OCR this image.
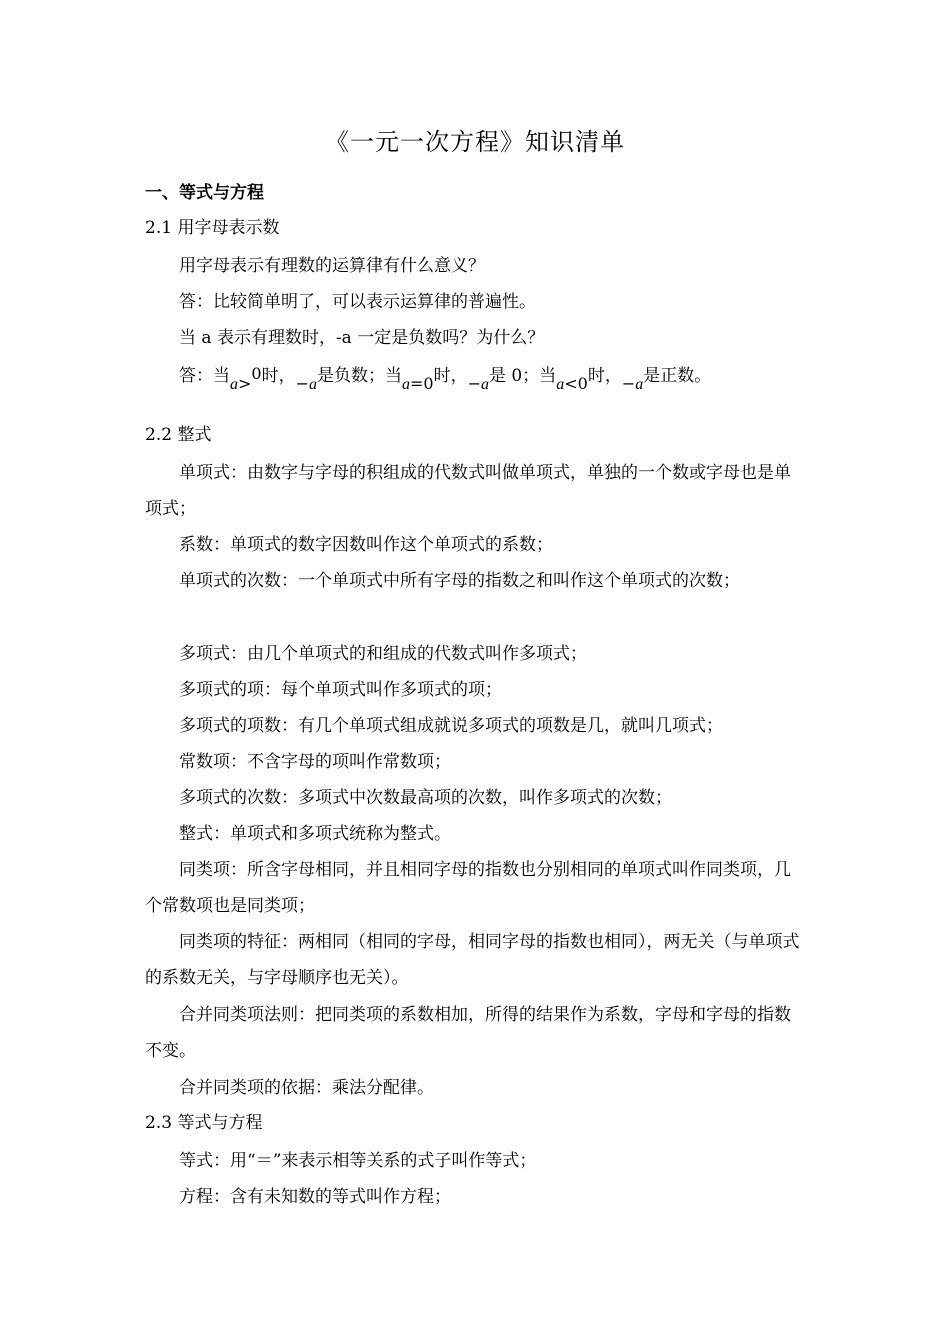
《一元一次方程》知识清单
一、等式与方程
2.1 用字母表示数
用字母表示有理数的运算律有什么意义？
答：比较简单明了，可以表示运算律的普遍性。
当 a 表示有理数时，-a 一定是负数吗？为什么？
答：当a>0时，−a是负数；当a=0时，−a是 0；当a<0时，−a是正数。
2.2 整式
单项式：由数字与字母的积组成的代数式叫做单项式，单独的一个数或字母也是单项式；
系数：单项式的数字因数叫作这个单项式的系数；
单项式的次数：一个单项式中所有字母的指数之和叫作这个单项式的次数；
多项式：由几个单项式的和组成的代数式叫作多项式；
多项式的项：每个单项式叫作多项式的项；
多项式的项数：有几个单项式组成就说多项式的项数是几，就叫几项式；
常数项：不含字母的项叫作常数项；
多项式的次数：多项式中次数最高项的次数，叫作多项式的次数；
整式：单项式和多项式统称为整式。
同类项：所含字母相同，并且相同字母的指数也分别相同的单项式叫作同类项，几个常数项也是同类项；
同类项的特征：两相同（相同的字母，相同字母的指数也相同），两无关（与单项式的系数无关，与字母顺序也无关）。
合并同类项法则：把同类项的系数相加，所得的结果作为系数，字母和字母的指数不变。
合并同类项的依据：乘法分配律。
2.3 等式与方程
等式：用“＝”来表示相等关系的式子叫作等式；
方程：含有未知数的等式叫作方程；
